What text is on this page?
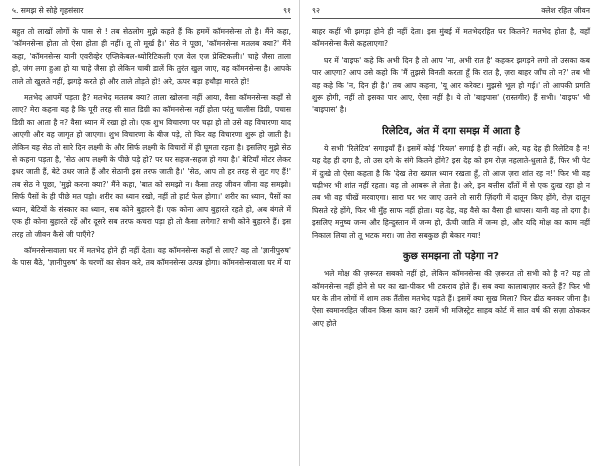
५. समझ से सोहे गृहसंसार	९१

बहुत तो लाखों लोगों के पास से ! तब सेठलोग मुझे कहते हैं कि हममें कॉमनसेन्स तो है। मैंने कहा, 'कॉमनसेन्स होता तो ऐसा होता ही नहीं। तू तो मूर्ख है।' सेठ ने पूछा, 'कॉमनसेन्स मतलब क्या?' मैंने कहा, 'कॉमनसेन्स यानी एवरीव्हेर एप्लिकेबल-थ्योरिटिकली एज वेल एज प्रेक्टिकली।' चाहे जैसा ताला हो, जंग लगा हुआ हो या चाहे जैसा हो लेकिन चाबी डालें कि तुरंत खुल जाए, वह कॉमनसेन्स है। आपके ताले तो खुलते नहीं, झगड़े करते हो और ताले तोड़ते हो! अरे, ऊपर बड़ा हथौड़ा मारते हो!

मतभेद आपमें पड़ता है? मतभेद मतलब क्या? ताला खोलना नहीं आया, वैसा कॉमनसेन्स कहाँ से लाए? मेरा कहना यह है कि पूरी तरह सी सात डिग्री का कॉमनसेन्स नहीं होता परंतु चालीस डिग्री, पचास डिग्री का आता है न? वैसा ध्यान में रखा हो तो। एक शुभ विचारणा पर चढ़ा हो तो उसे वह विचारणा याद आएगी और वह जागृत हो जाएगा। शुभ विचारणा के बीज पड़े, तो फिर वह विचारणा शुरू हो जाती है। लेकिन यह सेठ तो सारे दिन लक्ष्मी के और सिर्फ लक्ष्मी के विचारों में ही घूमता रहता है। इसलिए मुझे सेठ से कहना पड़ता है, 'सेठ आप लक्ष्मी के पीछे पड़े हो? पर घर सहज-सहज हो गया है।' बेटियाँ मोटर लेकर इधर जाती हैं, बेटे उधर जाते हैं और सेठानी इस तरफ जाती है।' 'सेठ, आप तो हर तरह से लुट गए हैं!' तब सेठ ने पूछा, 'मुझे करना क्या?' मैंने कहा, 'बात को समझो न। कैसा तरह जीवन जीना वह समझो। सिर्फ पैसों के ही पीछे मत पड़ो। शरीर का ध्यान रखो, नहीं तो हार्ट फेल होगा।' शरीर का ध्यान, पैसों का ध्यान, बेटियों के संस्कार का ध्यान, सब कोने बुहारने हैं। एक कोना आप बुहारते रहते हो, अब बंगले में एक ही कोना बुहारते रहें और दूसरे सब तरफ कचरा पड़ा हो तो कैसा लगेगा? सभी कोने बुहारने हैं। इस तरह तो जीवन कैसे जी पाएँगे?

कॉमनसेन्सवाला घर में मतभेद होने ही नहीं देता। वह कॉमनसेन्स कहाँ से लाए? वह तो 'ज्ञानीपुरुष' के पास बैठे, 'ज्ञानीपुरुष' के चरणों का सेवन करे, तब कॉमनसेन्स उत्पन्न होगा। कॉमनसेन्सवाला घर में या

९२	क्लेश रहित जीवन

बाहर कहीं भी झगड़ा होने ही नहीं देता। इस मुंबई में मतभेदरहित घर कितने? मतभेद होता है, वहाँ कॉमनसेन्स कैसे कहलाएगा?

घर में 'वाइफ' कहे कि अभी दिन है तो आप 'ना, अभी रात है' कहकर झगड़ने लगो तो उसका कब पार आएगा? आप उसे कहो कि 'मैं तुझसे विनती करता हूँ कि रात है, ज़रा बाहर जाँच तो न?' तब भी वह कहे कि 'न, दिन ही है।' तब आप कहना, 'यू आर करेक्ट। मुझसे भूल हो गई।' तो आपकी प्रगति शुरू होगी, नहीं तो इसका पार आए, ऐसा नहीं है। ये तो 'बाइपास' (रास्तगीर) हैं सभी। 'वाइफ' भी 'बाइपास' है।

रिलेटिव, अंत में दगा समझ में आता है

ये सभी 'रिलेटिव' सगाइयाँ हैं। इसमें कोई 'रियल' सगाई है ही नहीं। अरे, यह देह ही रिलेटिव है न! यह देह ही दगा है, तो उस दगे के संगे कितने होंगे? इस देह को हम रोज़ नहलाते-धुलाते हैं, फिर भी पेट में दुःखे तो ऐसा कहता है कि 'देख तेरा ख्याल ध्यान रखता हूँ, तो आज ज़रा शांत रह न!' फिर भी वह चढ़ीभर भी शांत नहीं रहता। वह तो आबरू ले लेता है। अरे, इन बत्तीस दाँतों में से एक दुःख रहा हो न तब भी वह चीखें मरवाएगा। सारा घर भर जाए उतने तो सारी ज़िंदगी में दातून किए होंगे, रोज़ दातून घिसते रहे होंगे, फिर भी मुँह साफ नहीं होता। यह देह, वह वैसे का वैसा ही धापस। यानी वह तो दगा है। इसलिए मनुष्य जन्म और हिन्दुस्तान में जन्म हो, ऊँची जाति में जन्म हो, और यदि मोक्ष का काम नहीं निकाल लिया तो तू भटक मरा। जा तेरा सबकुछ ही बेकार गया!

कुछ समझना तो पड़ेगा न?

भले मोक्ष की ज़रूरत सबको नहीं हो, लेकिन कॉमनसेन्स की ज़रूरत तो सभी को है न? यह तो कॉमनसेन्स नहीं होने से घर का खा-पीकर भी टकराव होते हैं। सब क्या कालाबाज़ार करते हैं? फिर भी घर के तीन लोगों में शाम तक तैंतीस मतभेद पड़ते हैं। इसमें क्या सुख मिला? फिर ढीठ बनकर जीना है। ऐसा स्वमानरहित जीवन किस काम का? उसमें भी मजिस्ट्रेट साहब कोर्ट में सात वर्ष की सज़ा ठोककर आए होते
